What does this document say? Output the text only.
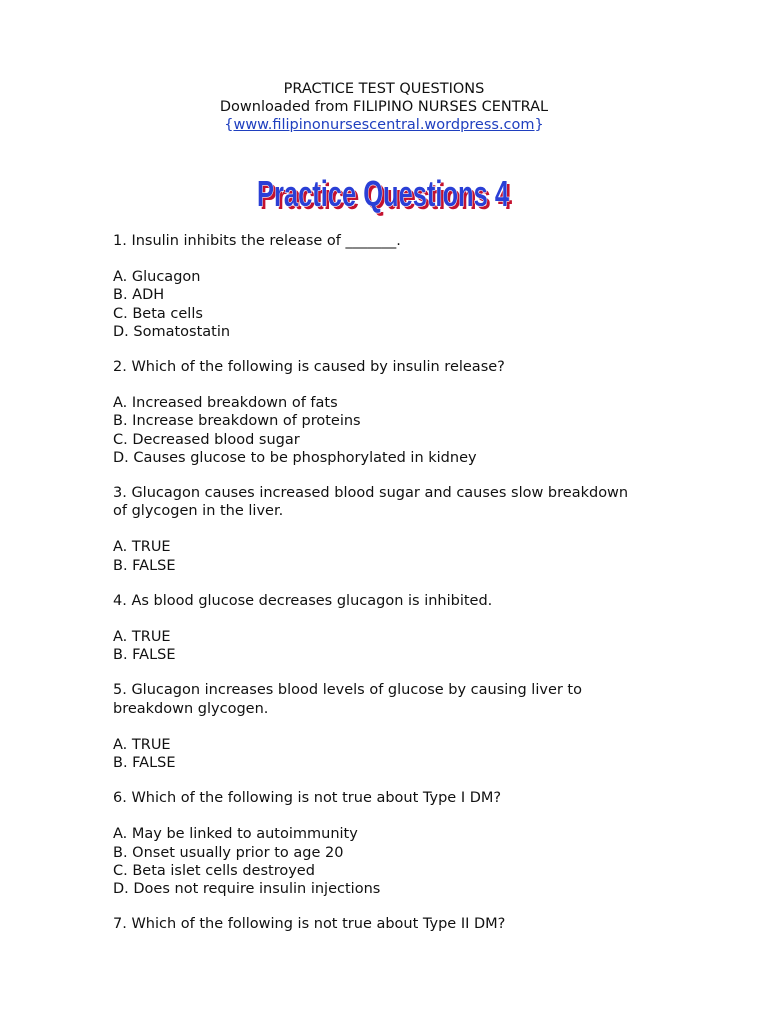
PRACTICE TEST QUESTIONS
Downloaded from FILIPINO NURSES CENTRAL
{www.filipinonursescentral.wordpress.com}
Practice Questions 4
Practice Questions 4
1. Insulin inhibits the release of _______.
A. Glucagon
B. ADH
C. Beta cells
D. Somatostatin
2. Which of the following is caused by insulin release?
A. Increased breakdown of fats
B. Increase breakdown of proteins
C. Decreased blood sugar
D. Causes glucose to be phosphorylated in kidney
3. Glucagon causes increased blood sugar and causes slow breakdown
of glycogen in the liver.
A. TRUE
B. FALSE
4. As blood glucose decreases glucagon is inhibited.
A. TRUE
B. FALSE
5. Glucagon increases blood levels of glucose by causing liver to
breakdown glycogen.
A. TRUE
B. FALSE
6. Which of the following is not true about Type I DM?
A. May be linked to autoimmunity
B. Onset usually prior to age 20
C. Beta islet cells destroyed
D. Does not require insulin injections
7. Which of the following is not true about Type II DM?
